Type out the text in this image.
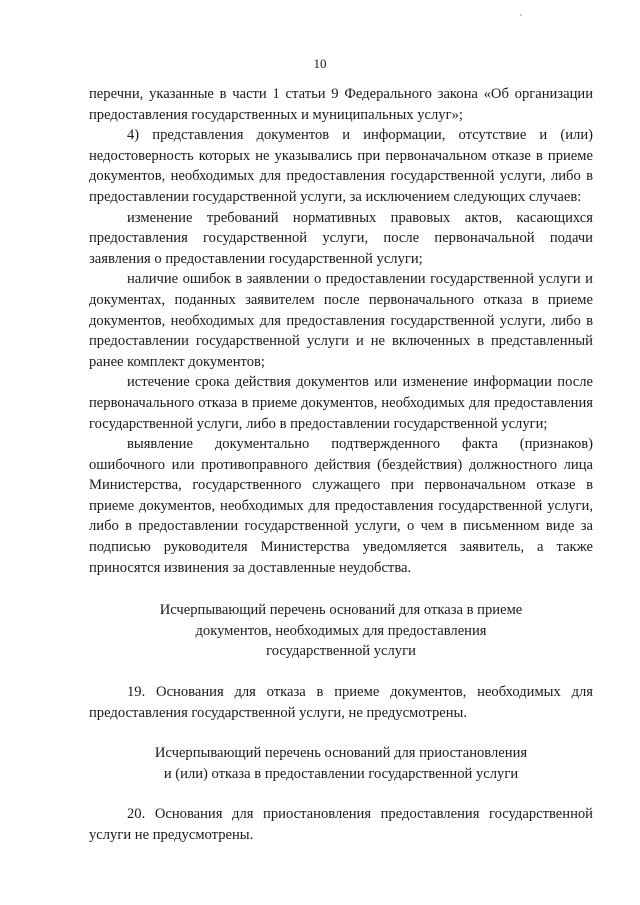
10

перечни, указанные в части 1 статьи 9 Федерального закона «Об организации предоставления государственных и муниципальных услуг»;

4) представления документов и информации, отсутствие и (или) недостоверность которых не указывались при первоначальном отказе в приеме документов, необходимых для предоставления государственной услуги, либо в предоставлении государственной услуги, за исключением следующих случаев:

изменение требований нормативных правовых актов, касающихся предоставления государственной услуги, после первоначальной подачи заявления о предоставлении государственной услуги;

наличие ошибок в заявлении о предоставлении государственной услуги и документах, поданных заявителем после первоначального отказа в приеме документов, необходимых для предоставления государственной услуги, либо в предоставлении государственной услуги и не включенных в представленный ранее комплект документов;

истечение срока действия документов или изменение информации после первоначального отказа в приеме документов, необходимых для предоставления государственной услуги, либо в предоставлении государственной услуги;

выявление документально подтвержденного факта (признаков) ошибочного или противоправного действия (бездействия) должностного лица Министерства, государственного служащего при первоначальном отказе в приеме документов, необходимых для предоставления государственной услуги, либо в предоставлении государственной услуги, о чем в письменном виде за подписью руководителя Министерства уведомляется заявитель, а также приносятся извинения за доставленные неудобства.

Исчерпывающий перечень оснований для отказа в приеме

документов, необходимых для предоставления

государственной услуги

19. Основания для отказа в приеме документов, необходимых для предоставления государственной услуги, не предусмотрены.

Исчерпывающий перечень оснований для приостановления

и (или) отказа в предоставлении государственной услуги

20. Основания для приостановления предоставления государственной услуги не предусмотрены.
